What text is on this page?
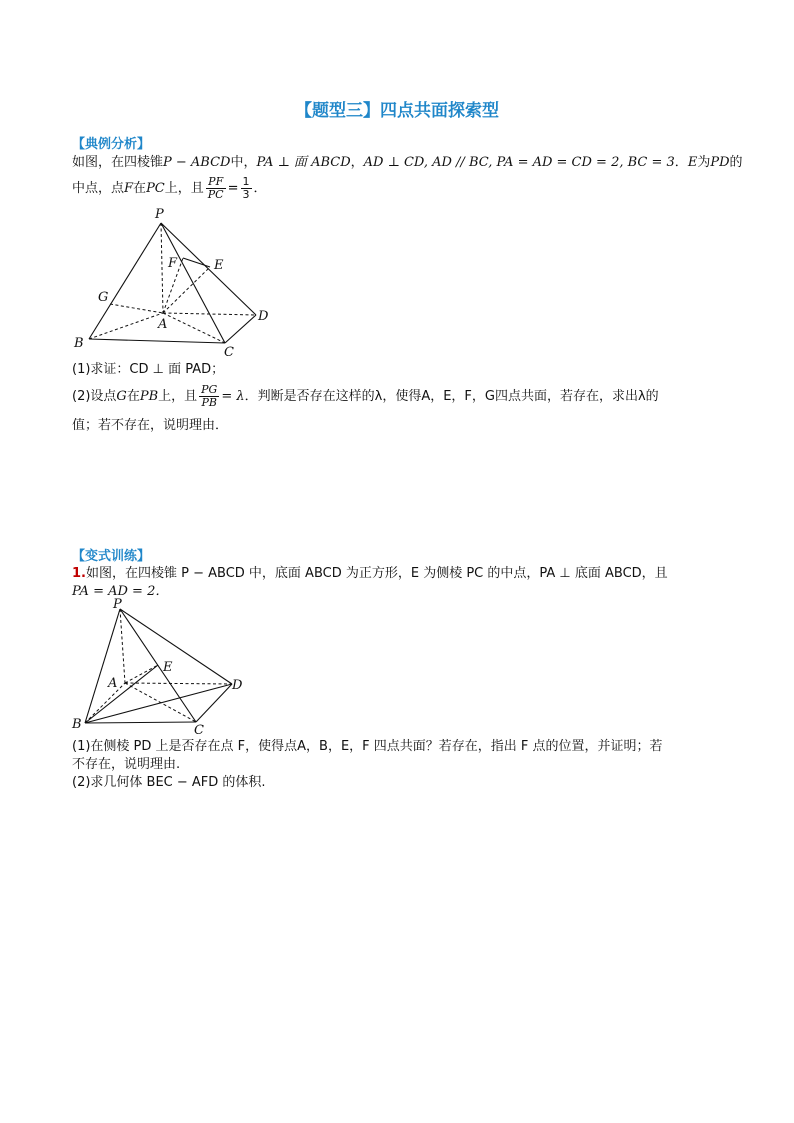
【题型三】四点共面探索型
【典例分析】
如图，在四棱锥P − ABCD中，PA ⊥ 面 ABCD，AD ⊥ CD, AD // BC, PA = AD = CD = 2, BC = 3．E为PD的
中点，点F在PC上，且 $\frac{PF}{PC} = \frac{1}{3}$ ．
P
F	E
G
A
D
B
C
(1)求证：CD ⊥ 面 PAD；
(2)设点G在PB上，且 $\frac{PG}{PB} = \lambda$．判断是否存在这样的λ，使得A，E，F，G四点共面，若存在，求出λ的
值；若不存在，说明理由．
【变式训练】
1.如图，在四棱锥 P − ABCD 中，底面 ABCD 为正方形，E 为侧棱 PC 的中点，PA ⊥ 底面 ABCD，且
PA = AD = 2．
P
E
A	D
B	C
(1)在侧棱 PD 上是否存在点 F，使得点A，B，E，F 四点共面？若存在，指出 F 点的位置，并证明；若
不存在，说明理由.
(2)求几何体 BEC − AFD 的体积.
